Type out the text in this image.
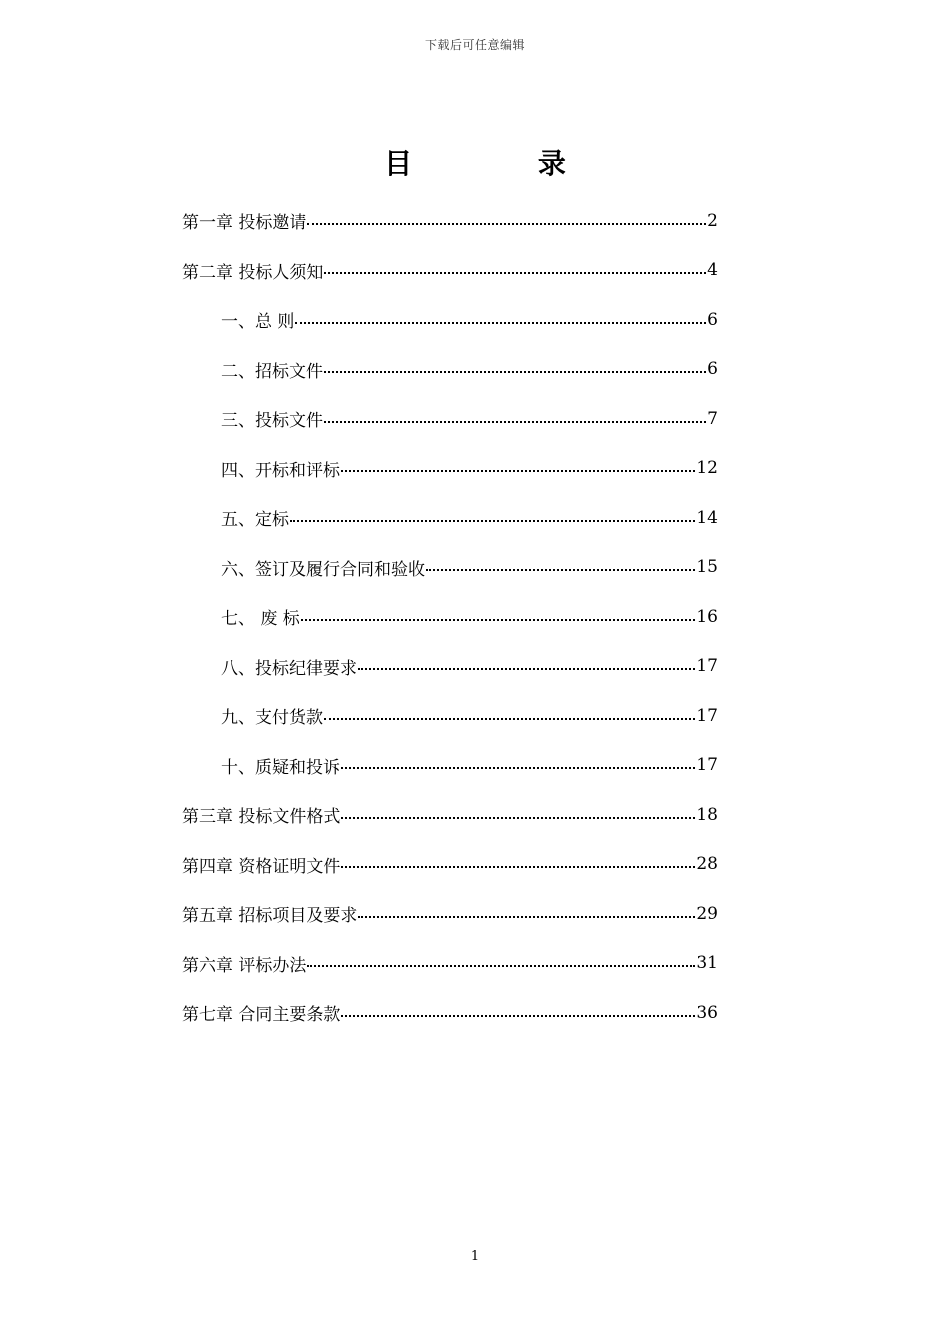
下载后可任意编辑
目 录
第一章 投标邀请	2
第二章 投标人须知	4
一、总 则	6
二、招标文件	6
三、投标文件	7
四、开标和评标	12
五、定标	14
六、签订及履行合同和验收	15
七、 废 标	16
八、投标纪律要求	17
九、支付货款	17
十、质疑和投诉	17
第三章 投标文件格式	18
第四章 资格证明文件	28
第五章 招标项目及要求	29
第六章 评标办法	31
第七章 合同主要条款	36
1
